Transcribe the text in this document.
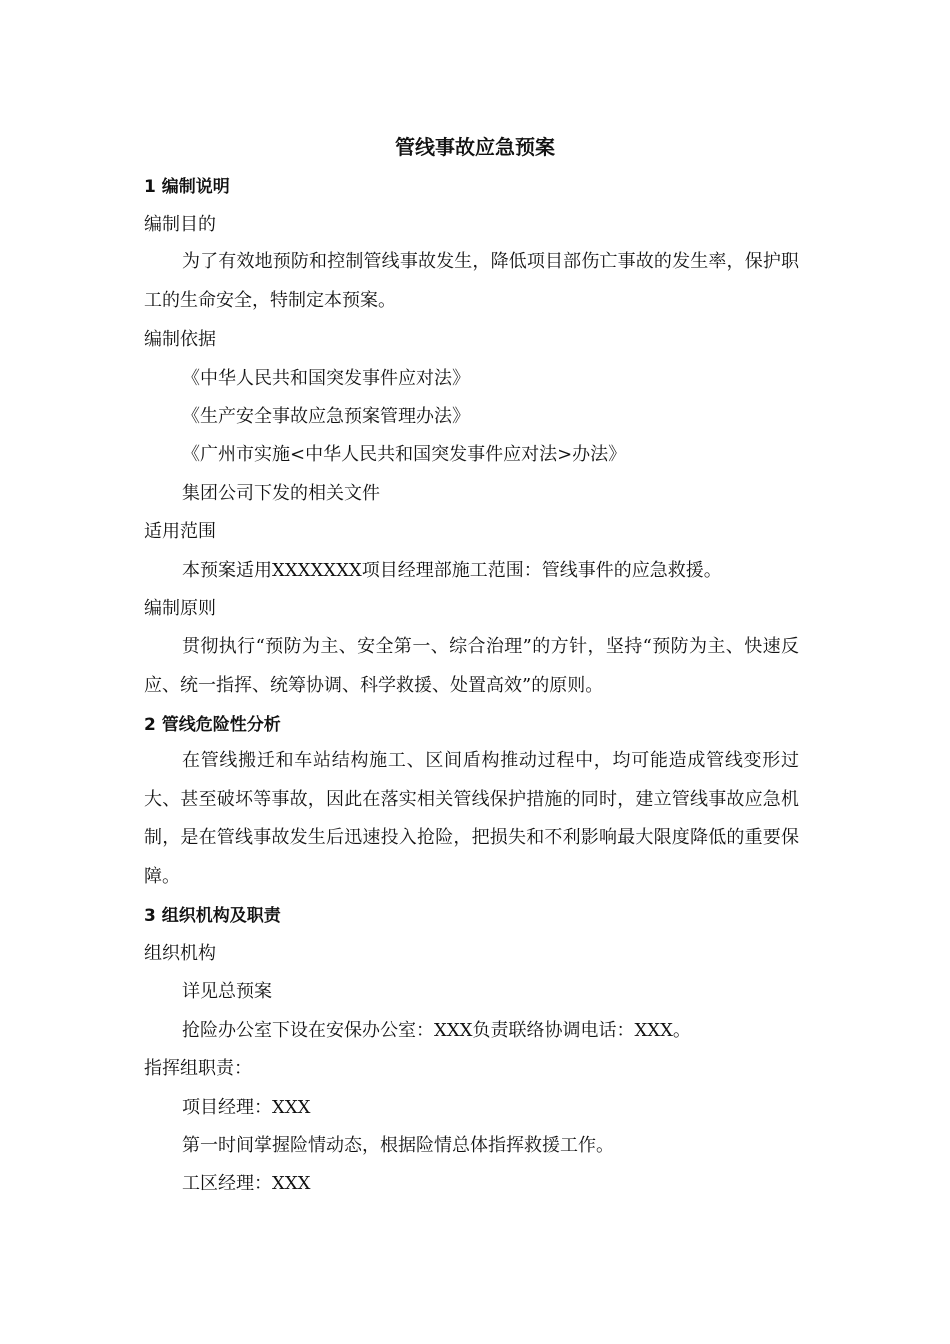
管线事故应急预案
1 编制说明
编制目的
为了有效地预防和控制管线事故发生，降低项目部伤亡事故的发生率，保护职工的生命安全，特制定本预案。
编制依据
《中华人民共和国突发事件应对法》
《生产安全事故应急预案管理办法》
《广州市实施<中华人民共和国突发事件应对法>办法》
集团公司下发的相关文件
适用范围
本预案适用XXXXXXX项目经理部施工范围：管线事件的应急救援。
编制原则
贯彻执行“预防为主、安全第一、综合治理”的方针，坚持“预防为主、快速反应、统一指挥、统筹协调、科学救援、处置高效”的原则。
2 管线危险性分析
在管线搬迁和车站结构施工、区间盾构推动过程中，均可能造成管线变形过大、甚至破坏等事故，因此在落实相关管线保护措施的同时，建立管线事故应急机制，是在管线事故发生后迅速投入抢险，把损失和不利影响最大限度降低的重要保障。
3 组织机构及职责
组织机构
详见总预案
抢险办公室下设在安保办公室：XXX负责联络协调电话：XXX。
指挥组职责：
项目经理：XXX
第一时间掌握险情动态，根据险情总体指挥救援工作。
工区经理：XXX
